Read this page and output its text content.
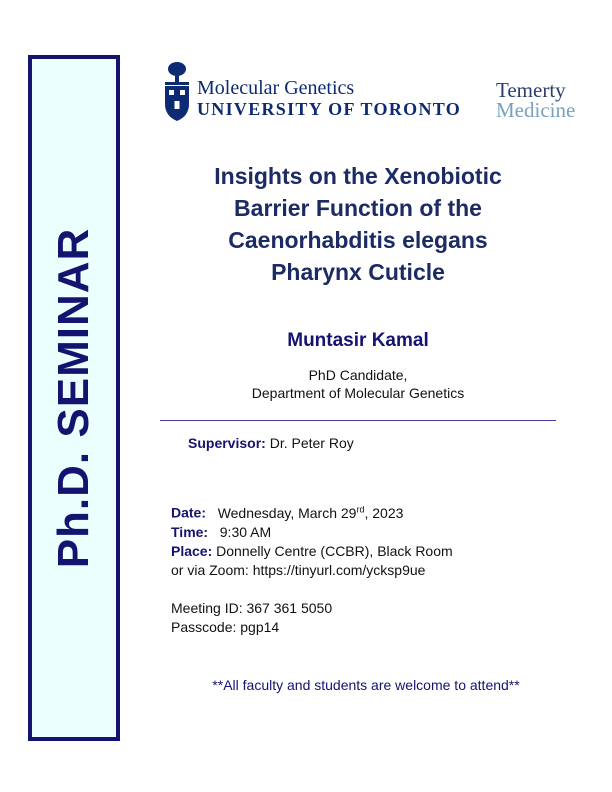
Ph.D. SEMINAR
Molecular Genetics
UNIVERSITY OF TORONTO
Temerty
Medicine
Insights on the Xenobiotic
Barrier Function of the
Caenorhabditis elegans
Pharynx Cuticle
Muntasir Kamal
PhD Candidate,
Department of Molecular Genetics
Supervisor: Dr. Peter Roy
Date: Wednesday, March 29rd, 2023
Time: 9:30 AM
Place: Donnelly Centre (CCBR), Black Room
or via Zoom: https://tinyurl.com/ycksp9ue
Meeting ID: 367 361 5050
Passcode: pgp14
**All faculty and students are welcome to attend**
